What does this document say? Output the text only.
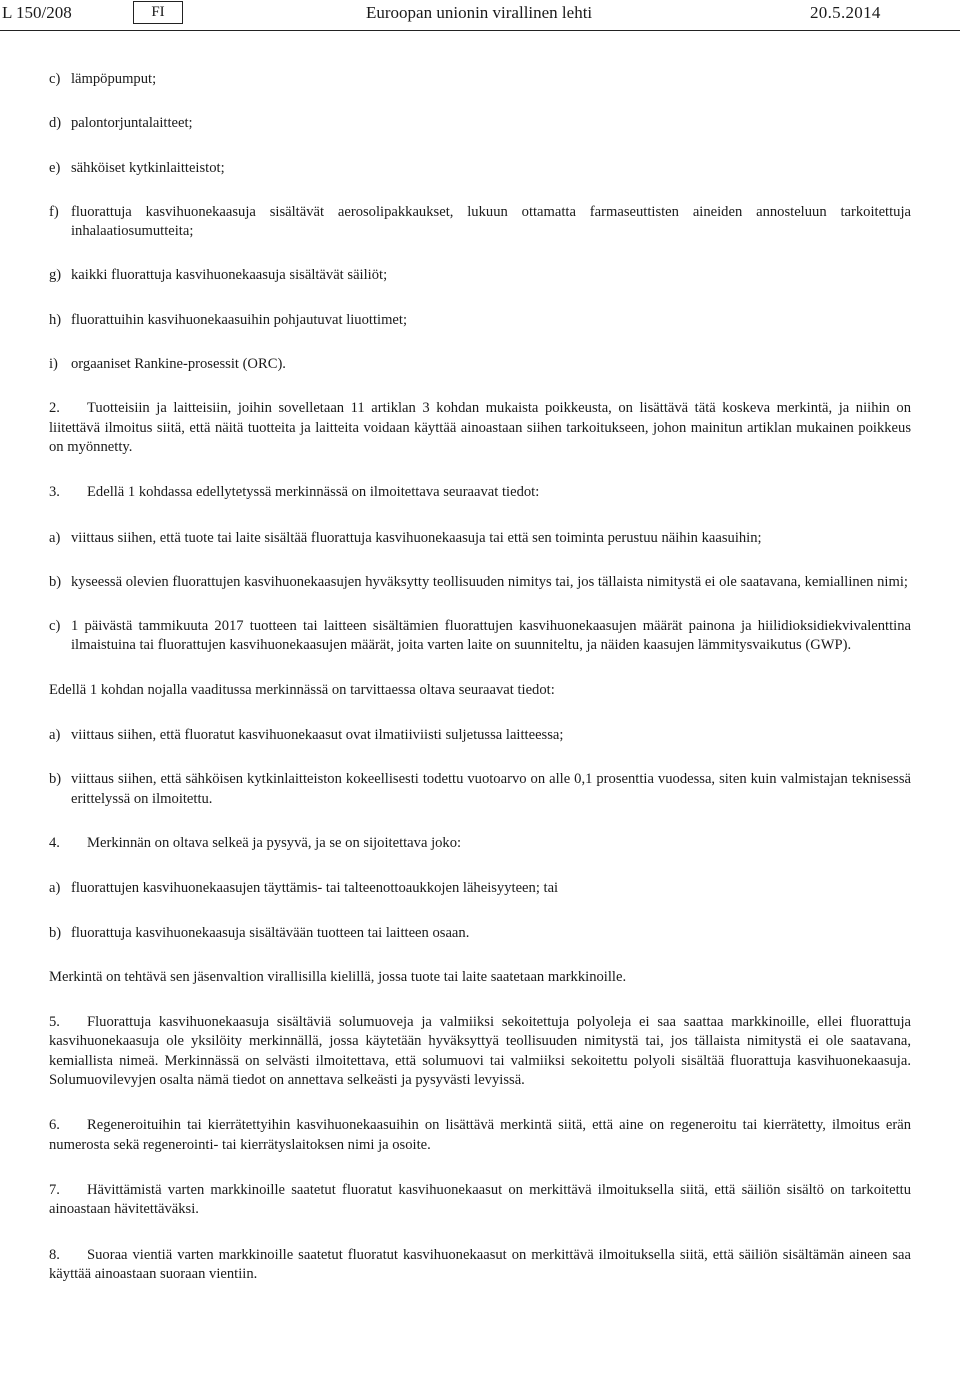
L 150/208	FI	Euroopan unionin virallinen lehti	20.5.2014
c) lämpöpumput;
d) palontorjuntalaitteet;
e) sähköiset kytkinlaitteistot;
f) fluorattuja kasvihuonekaasuja sisältävät aerosolipakkaukset, lukuun ottamatta farmaseuttisten aineiden annosteluun tarkoitettuja inhalaatiosumutteita;
g) kaikki fluorattuja kasvihuonekaasuja sisältävät säiliöt;
h) fluorattuihin kasvihuonekaasuihin pohjautuvat liuottimet;
i) orgaaniset Rankine-prosessit (ORC).
2. Tuotteisiin ja laitteisiin, joihin sovelletaan 11 artiklan 3 kohdan mukaista poikkeusta, on lisättävä tätä koskeva merkintä, ja niihin on liitettävä ilmoitus siitä, että näitä tuotteita ja laitteita voidaan käyttää ainoastaan siihen tarkoitukseen, johon mainitun artiklan mukainen poikkeus on myönnetty.
3. Edellä 1 kohdassa edellytetyssä merkinnässä on ilmoitettava seuraavat tiedot:
a) viittaus siihen, että tuote tai laite sisältää fluorattuja kasvihuonekaasuja tai että sen toiminta perustuu näihin kaasuihin;
b) kyseessä olevien fluorattujen kasvihuonekaasujen hyväksytty teollisuuden nimitys tai, jos tällaista nimitystä ei ole saatavana, kemiallinen nimi;
c) 1 päivästä tammikuuta 2017 tuotteen tai laitteen sisältämien fluorattujen kasvihuonekaasujen määrät painona ja hiilidioksidiekvivalenttina ilmaistuina tai fluorattujen kasvihuonekaasujen määrät, joita varten laite on suunniteltu, ja näiden kaasujen lämmitysvaikutus (GWP).
Edellä 1 kohdan nojalla vaaditussa merkinnässä on tarvittaessa oltava seuraavat tiedot:
a) viittaus siihen, että fluoratut kasvihuonekaasut ovat ilmatiiviisti suljetussa laitteessa;
b) viittaus siihen, että sähköisen kytkinlaitteiston kokeellisesti todettu vuotoarvo on alle 0,1 prosenttia vuodessa, siten kuin valmistajan teknisessä erittelyssä on ilmoitettu.
4. Merkinnän on oltava selkeä ja pysyvä, ja se on sijoitettava joko:
a) fluorattujen kasvihuonekaasujen täyttämis- tai talteenottoaukkojen läheisyyteen; tai
b) fluorattuja kasvihuonekaasuja sisältävään tuotteen tai laitteen osaan.
Merkintä on tehtävä sen jäsenvaltion virallisilla kielillä, jossa tuote tai laite saatetaan markkinoille.
5. Fluorattuja kasvihuonekaasuja sisältäviä solumuoveja ja valmiiksi sekoitettuja polyoleja ei saa saattaa markkinoille, ellei fluorattuja kasvihuonekaasuja ole yksilöity merkinnällä, jossa käytetään hyväksyttyä teollisuuden nimitystä tai, jos tällaista nimitystä ei ole saatavana, kemiallista nimeä. Merkinnässä on selvästi ilmoitettava, että solumuovi tai valmiiksi sekoitettu polyoli sisältää fluorattuja kasvihuonekaasuja. Solumuovilevyjen osalta nämä tiedot on annettava selkeästi ja pysyvästi levyissä.
6. Regeneroituihin tai kierrätettyihin kasvihuonekaasuihin on lisättävä merkintä siitä, että aine on regeneroitu tai kierrätetty, ilmoitus erän numerosta sekä regenerointi- tai kierrätyslaitoksen nimi ja osoite.
7. Hävittämistä varten markkinoille saatetut fluoratut kasvihuonekaasut on merkittävä ilmoituksella siitä, että säiliön sisältö on tarkoitettu ainoastaan hävitettäväksi.
8. Suoraa vientiä varten markkinoille saatetut fluoratut kasvihuonekaasut on merkittävä ilmoituksella siitä, että säiliön sisältämän aineen saa käyttää ainoastaan suoraan vientiin.
